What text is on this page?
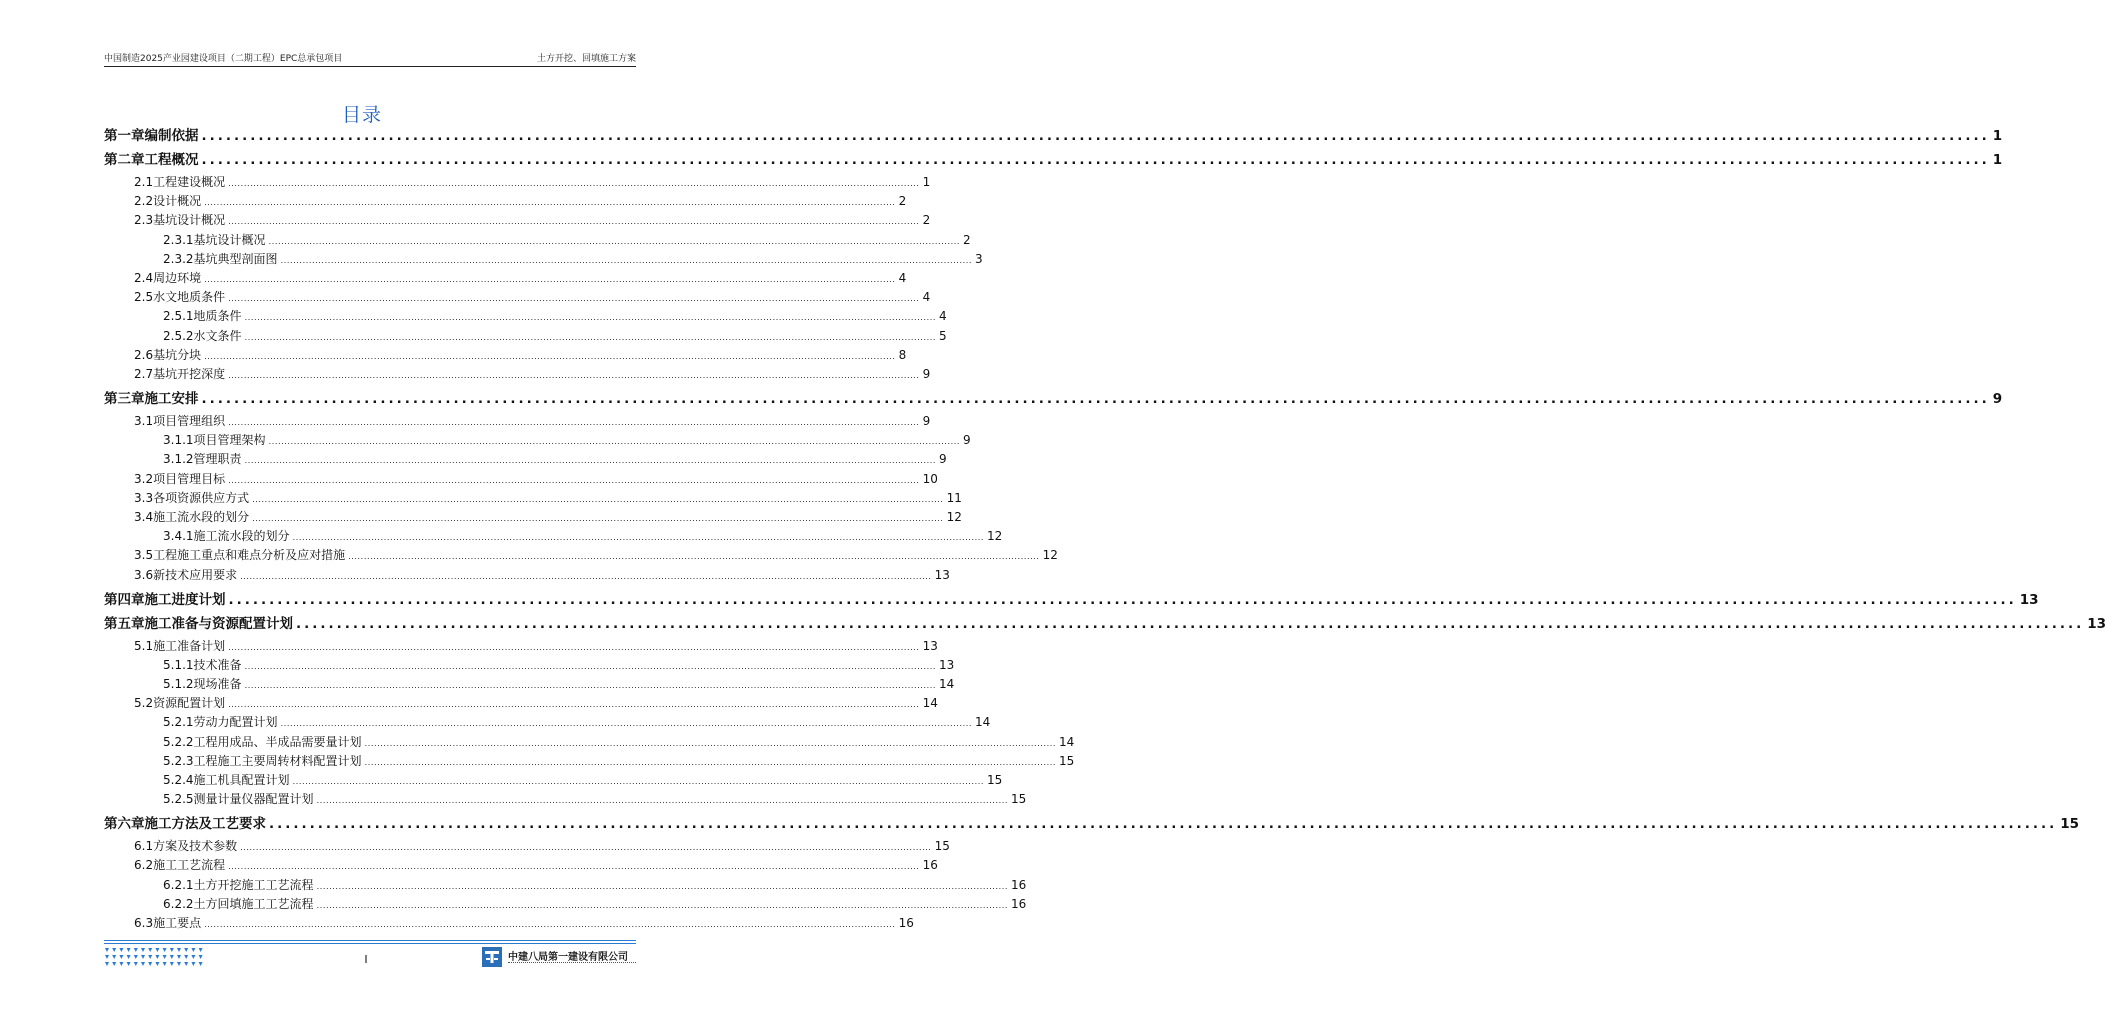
中国制造2025产业园建设项目（二期工程）EPC总承包项目	土方开挖、回填施工方案
目录
第一章 编制依据 ............................................................................................................................................................................................................................ 1
第二章 工程概况 ............................................................................................................................................................................................................................ 1
2.1 工程建设概况 ............................................................................................................................................................................................................................ 1
2.2 设计概况 ............................................................................................................................................................................................................................ 2
2.3 基坑设计概况 ............................................................................................................................................................................................................................ 2
2.3.1 基坑设计概况 ............................................................................................................................................................................................................................ 2
2.3.2 基坑典型剖面图 ............................................................................................................................................................................................................................ 3
2.4 周边环境 ............................................................................................................................................................................................................................ 4
2.5 水文地质条件 ............................................................................................................................................................................................................................ 4
2.5.1 地质条件 ............................................................................................................................................................................................................................ 4
2.5.2 水文条件 ............................................................................................................................................................................................................................ 5
2.6 基坑分块 ............................................................................................................................................................................................................................ 8
2.7 基坑开挖深度 ............................................................................................................................................................................................................................ 9
第三章 施工安排 ............................................................................................................................................................................................................................ 9
3.1 项目管理组织 ............................................................................................................................................................................................................................ 9
3.1.1 项目管理架构 ............................................................................................................................................................................................................................ 9
3.1.2 管理职责 ............................................................................................................................................................................................................................ 9
3.2 项目管理目标 ............................................................................................................................................................................................................................ 10
3.3 各项资源供应方式 ............................................................................................................................................................................................................................ 11
3.4 施工流水段的划分 ............................................................................................................................................................................................................................ 12
3.4.1 施工流水段的划分 ............................................................................................................................................................................................................................ 12
3.5 工程施工重点和难点分析及应对措施 ............................................................................................................................................................................................................................ 12
3.6 新技术应用要求 ............................................................................................................................................................................................................................ 13
第四章 施工进度计划 ............................................................................................................................................................................................................................ 13
第五章 施工准备与资源配置计划 ............................................................................................................................................................................................................................ 13
5.1 施工准备计划 ............................................................................................................................................................................................................................ 13
5.1.1 技术准备 ............................................................................................................................................................................................................................ 13
5.1.2 现场准备 ............................................................................................................................................................................................................................ 14
5.2 资源配置计划 ............................................................................................................................................................................................................................ 14
5.2.1 劳动力配置计划 ............................................................................................................................................................................................................................ 14
5.2.2 工程用成品、半成品需要量计划 ............................................................................................................................................................................................................................ 14
5.2.3 工程施工主要周转材料配置计划 ............................................................................................................................................................................................................................ 15
5.2.4 施工机具配置计划 ............................................................................................................................................................................................................................ 15
5.2.5 测量计量仪器配置计划 ............................................................................................................................................................................................................................ 15
第六章 施工方法及工艺要求 ............................................................................................................................................................................................................................ 15
6.1 方案及技术参数 ............................................................................................................................................................................................................................ 15
6.2 施工工艺流程 ............................................................................................................................................................................................................................ 16
6.2.1 土方开挖施工工艺流程 ............................................................................................................................................................................................................................ 16
6.2.2 土方回填施工工艺流程 ............................................................................................................................................................................................................................ 16
6.3 施工要点 ............................................................................................................................................................................................................................ 16
I	中建八局第一建设有限公司
